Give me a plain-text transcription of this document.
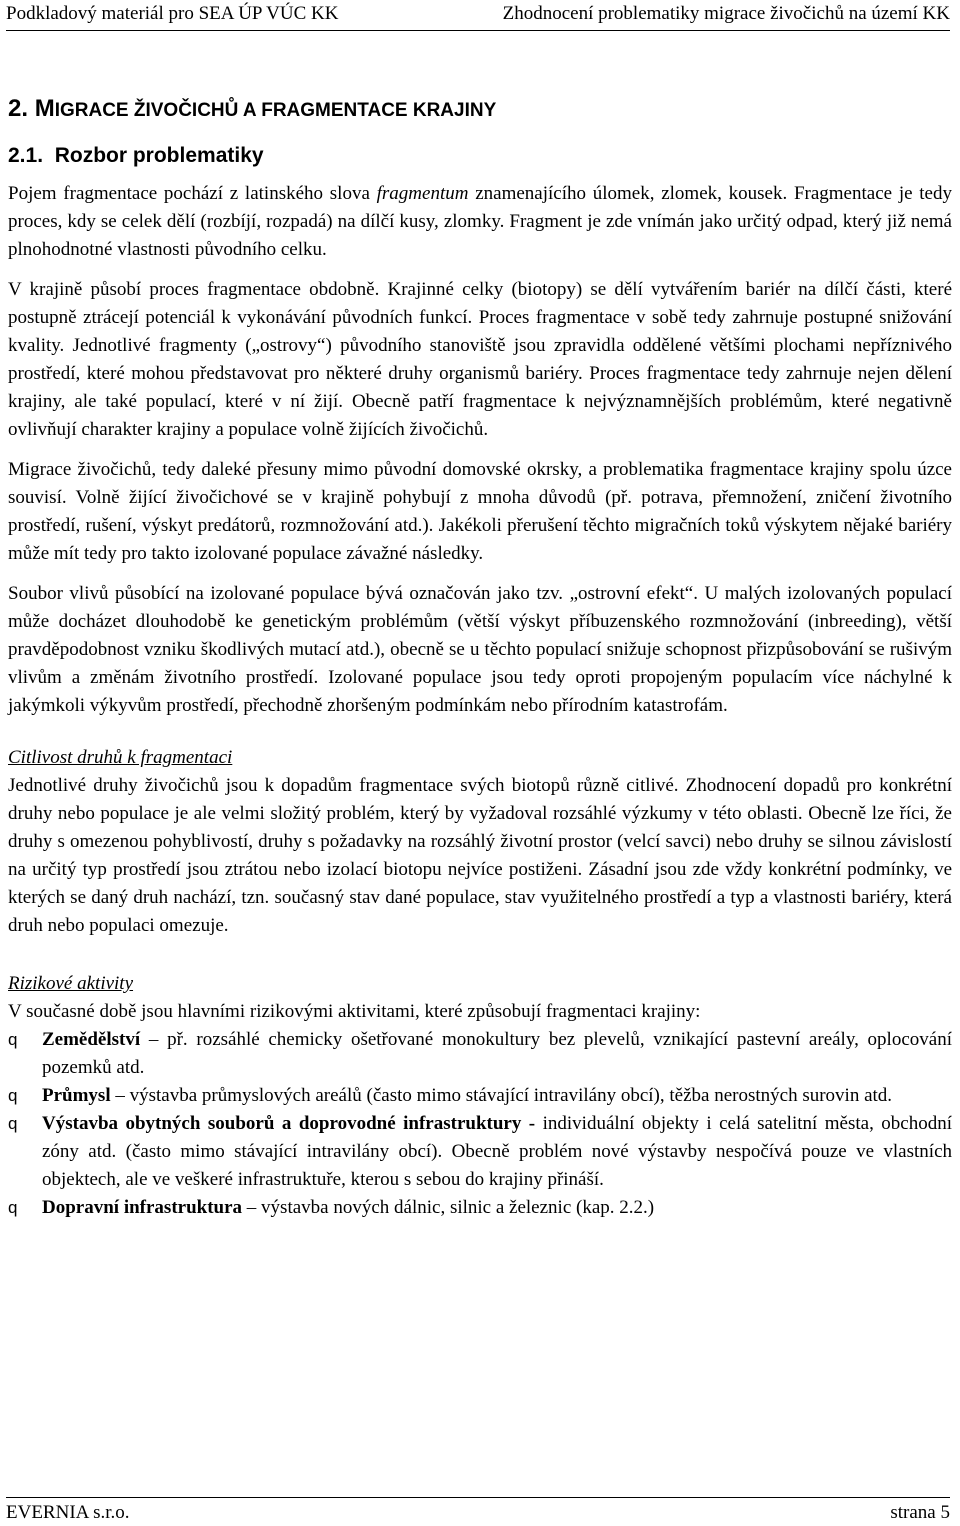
Podkladový materiál pro SEA ÚP VÚC KK	Zhodnocení problematiky migrace živočichů na území KK
2. MIGRACE ŽIVOČICHŮ A FRAGMENTACE KRAJINY
2.1. Rozbor problematiky

Pojem fragmentace pochází z latinského slova fragmentum znamenajícího úlomek, zlomek, kousek. Fragmentace je tedy proces, kdy se celek dělí (rozbíjí, rozpadá) na dílčí kusy, zlomky. Fragment je zde vnímán jako určitý odpad, který již nemá plnohodnotné vlastnosti původního celku.

V krajině působí proces fragmentace obdobně. Krajinné celky (biotopy) se dělí vytvářením bariér na dílčí části, které postupně ztrácejí potenciál k vykonávání původních funkcí. Proces fragmentace v sobě tedy zahrnuje postupné snižování kvality. Jednotlivé fragmenty („ostrovy“) původního stanoviště jsou zpravidla oddělené většími plochami nepříznivého prostředí, které mohou představovat pro některé druhy organismů bariéry. Proces fragmentace tedy zahrnuje nejen dělení krajiny, ale také populací, které v ní žijí. Obecně patří fragmentace k nejvýznamnějších problémům, které negativně ovlivňují charakter krajiny a populace volně žijících živočichů.

Migrace živočichů, tedy daleké přesuny mimo původní domovské okrsky, a problematika fragmentace krajiny spolu úzce souvisí. Volně žijící živočichové se v krajině pohybují z mnoha důvodů (př. potrava, přemnožení, zničení životního prostředí, rušení, výskyt predátorů, rozmnožování atd.). Jakékoli přerušení těchto migračních toků výskytem nějaké bariéry může mít tedy pro takto izolované populace závažné následky.

Soubor vlivů působící na izolované populace bývá označován jako tzv. „ostrovní efekt“. U malých izolovaných populací může docházet dlouhodobě ke genetickým problémům (větší výskyt příbuzenského rozmnožování (inbreeding), větší pravděpodobnost vzniku škodlivých mutací atd.), obecně se u těchto populací snižuje schopnost přizpůsobování se rušivým vlivům a změnám životního prostředí. Izolované populace jsou tedy oproti propojeným populacím více náchylné k jakýmkoli výkyvům prostředí, přechodně zhoršeným podmínkám nebo přírodním katastrofám.

Citlivost druhů k fragmentaci

Jednotlivé druhy živočichů jsou k dopadům fragmentace svých biotopů různě citlivé. Zhodnocení dopadů pro konkrétní druhy nebo populace je ale velmi složitý problém, který by vyžadoval rozsáhlé výzkumy v této oblasti. Obecně lze říci, že druhy s omezenou pohyblivostí, druhy s požadavky na rozsáhlý životní prostor (velcí savci) nebo druhy se silnou závislostí na určitý typ prostředí jsou ztrátou nebo izolací biotopu nejvíce postiženi. Zásadní jsou zde vždy konkrétní podmínky, ve kterých se daný druh nachází, tzn. současný stav dané populace, stav využitelného prostředí a typ a vlastnosti bariéry, která druh nebo populaci omezuje.

Rizikové aktivity
V současné době jsou hlavními rizikovými aktivitami, které způsobují fragmentaci krajiny:
q	Zemědělství – př. rozsáhlé chemicky ošetřované monokultury bez plevelů, vznikající pastevní areály, oplocování pozemků atd.
q	Průmysl – výstavba průmyslových areálů (často mimo stávající intravilány obcí), těžba nerostných surovin atd.
q	Výstavba obytných souborů a doprovodné infrastruktury - individuální objekty i celá satelitní města, obchodní zóny atd. (často mimo stávající intravilány obcí). Obecně problém nové výstavby nespočívá pouze ve vlastních objektech, ale ve veškeré infrastruktuře, kterou s sebou do krajiny přináší.
q	Dopravní infrastruktura – výstavba nových dálnic, silnic a železnic (kap. 2.2.)
EVERNIA s.r.o.	strana 5
